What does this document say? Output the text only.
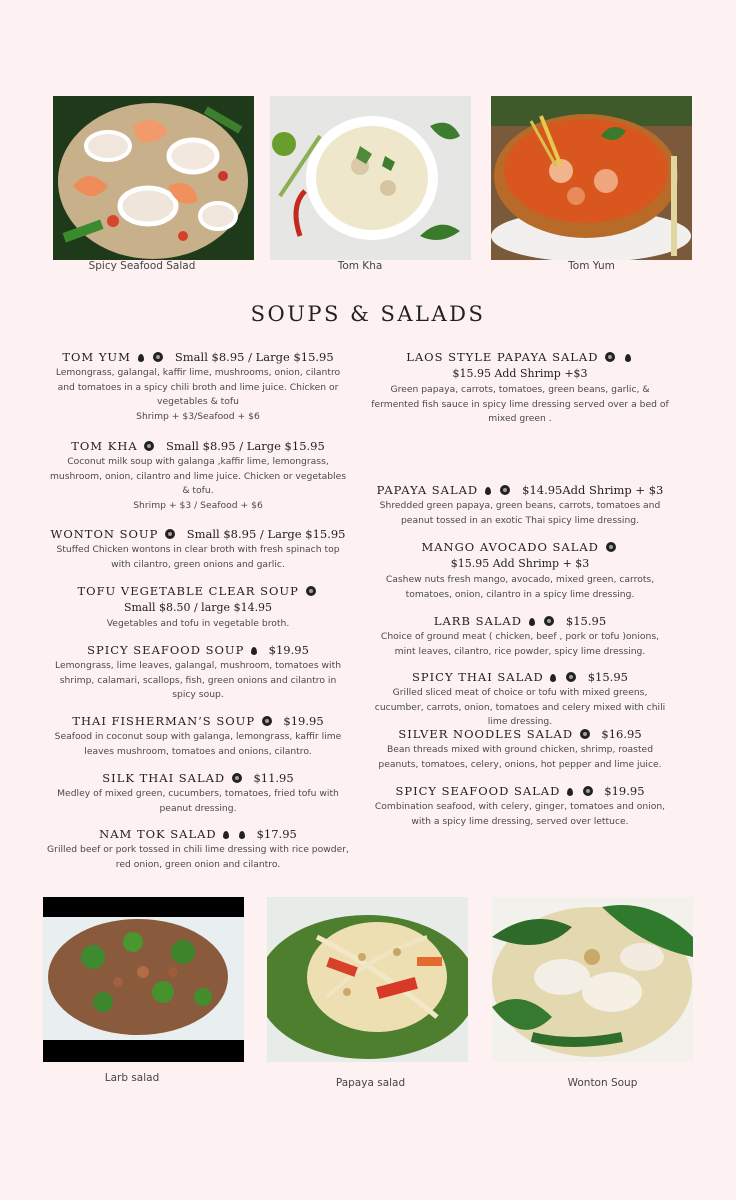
Spicy Seafood Salad	Tom Kha	Tom Yum
SOUPS & SALADS
TOM YUM	Small $8.95 / Large $15.95
Lemongrass, galangal, kaffir lime, mushrooms, onion, cilantro and tomatoes in a spicy chili broth and lime juice. Chicken or vegetables & tofu
Shrimp + $3/Seafood + $6
TOM KHA Small $8.95 / Large $15.95
Coconut milk soup with galanga ,kaffir lime, lemongrass, mushroom, onion, cilantro and lime juice. Chicken or vegetables & tofu.
Shrimp + $3 / Seafood + $6
WONTON SOUP Small $8.95 / Large $15.95
Stuffed Chicken wontons in clear broth with fresh spinach top with cilantro, green onions and garlic.
TOFU VEGETABLE CLEAR SOUP
Small $8.50 / large $14.95
Vegetables and tofu in vegetable broth.
SPICY SEAFOOD SOUP $19.95
Lemongrass, lime leaves, galangal, mushroom, tomatoes with shrimp, calamari, scallops, fish, green onions and cilantro in spicy soup.
THAI FISHERMAN’S SOUP $19.95
Seafood in coconut soup with galanga, lemongrass, kaffir lime leaves mushroom, tomatoes and onions, cilantro.
SILK THAI SALAD $11.95
Medley of mixed green, cucumbers, tomatoes, fried tofu with peanut dressing.
NAM TOK SALAD	$17.95
Grilled beef or pork tossed in chili lime dressing with rice powder, red onion, green onion and cilantro.
LAOS STYLE PAPAYA SALAD
$15.95 Add Shrimp +$3
Green papaya, carrots, tomatoes, green beans, garlic, & fermented fish sauce in spicy lime dressing served over a bed of mixed green .
PAPAYA SALAD	$14.95Add Shrimp + $3
Shredded green papaya, green beans, carrots, tomatoes and peanut tossed in an exotic Thai spicy lime dressing.
MANGO AVOCADO SALAD
$15.95 Add Shrimp + $3
Cashew nuts fresh mango, avocado, mixed green, carrots, tomatoes, onion, cilantro in a spicy lime dressing.
LARB SALAD	$15.95
Choice of ground meat ( chicken, beef , pork or tofu )onions, mint leaves, cilantro, rice powder, spicy lime dressing.
SPICY THAI SALAD	$15.95
Grilled sliced meat of choice or tofu with mixed greens, cucumber, carrots, onion, tomatoes and celery mixed with chili lime dressing.
SILVER NOODLES SALAD $16.95
Bean threads mixed with ground chicken, shrimp, roasted peanuts, tomatoes, celery, onions, hot pepper and lime juice.
SPICY SEAFOOD SALAD	$19.95
Combination seafood, with celery, ginger, tomatoes and onion, with a spicy lime dressing, served over lettuce.
Larb salad	Papaya salad	Wonton Soup
